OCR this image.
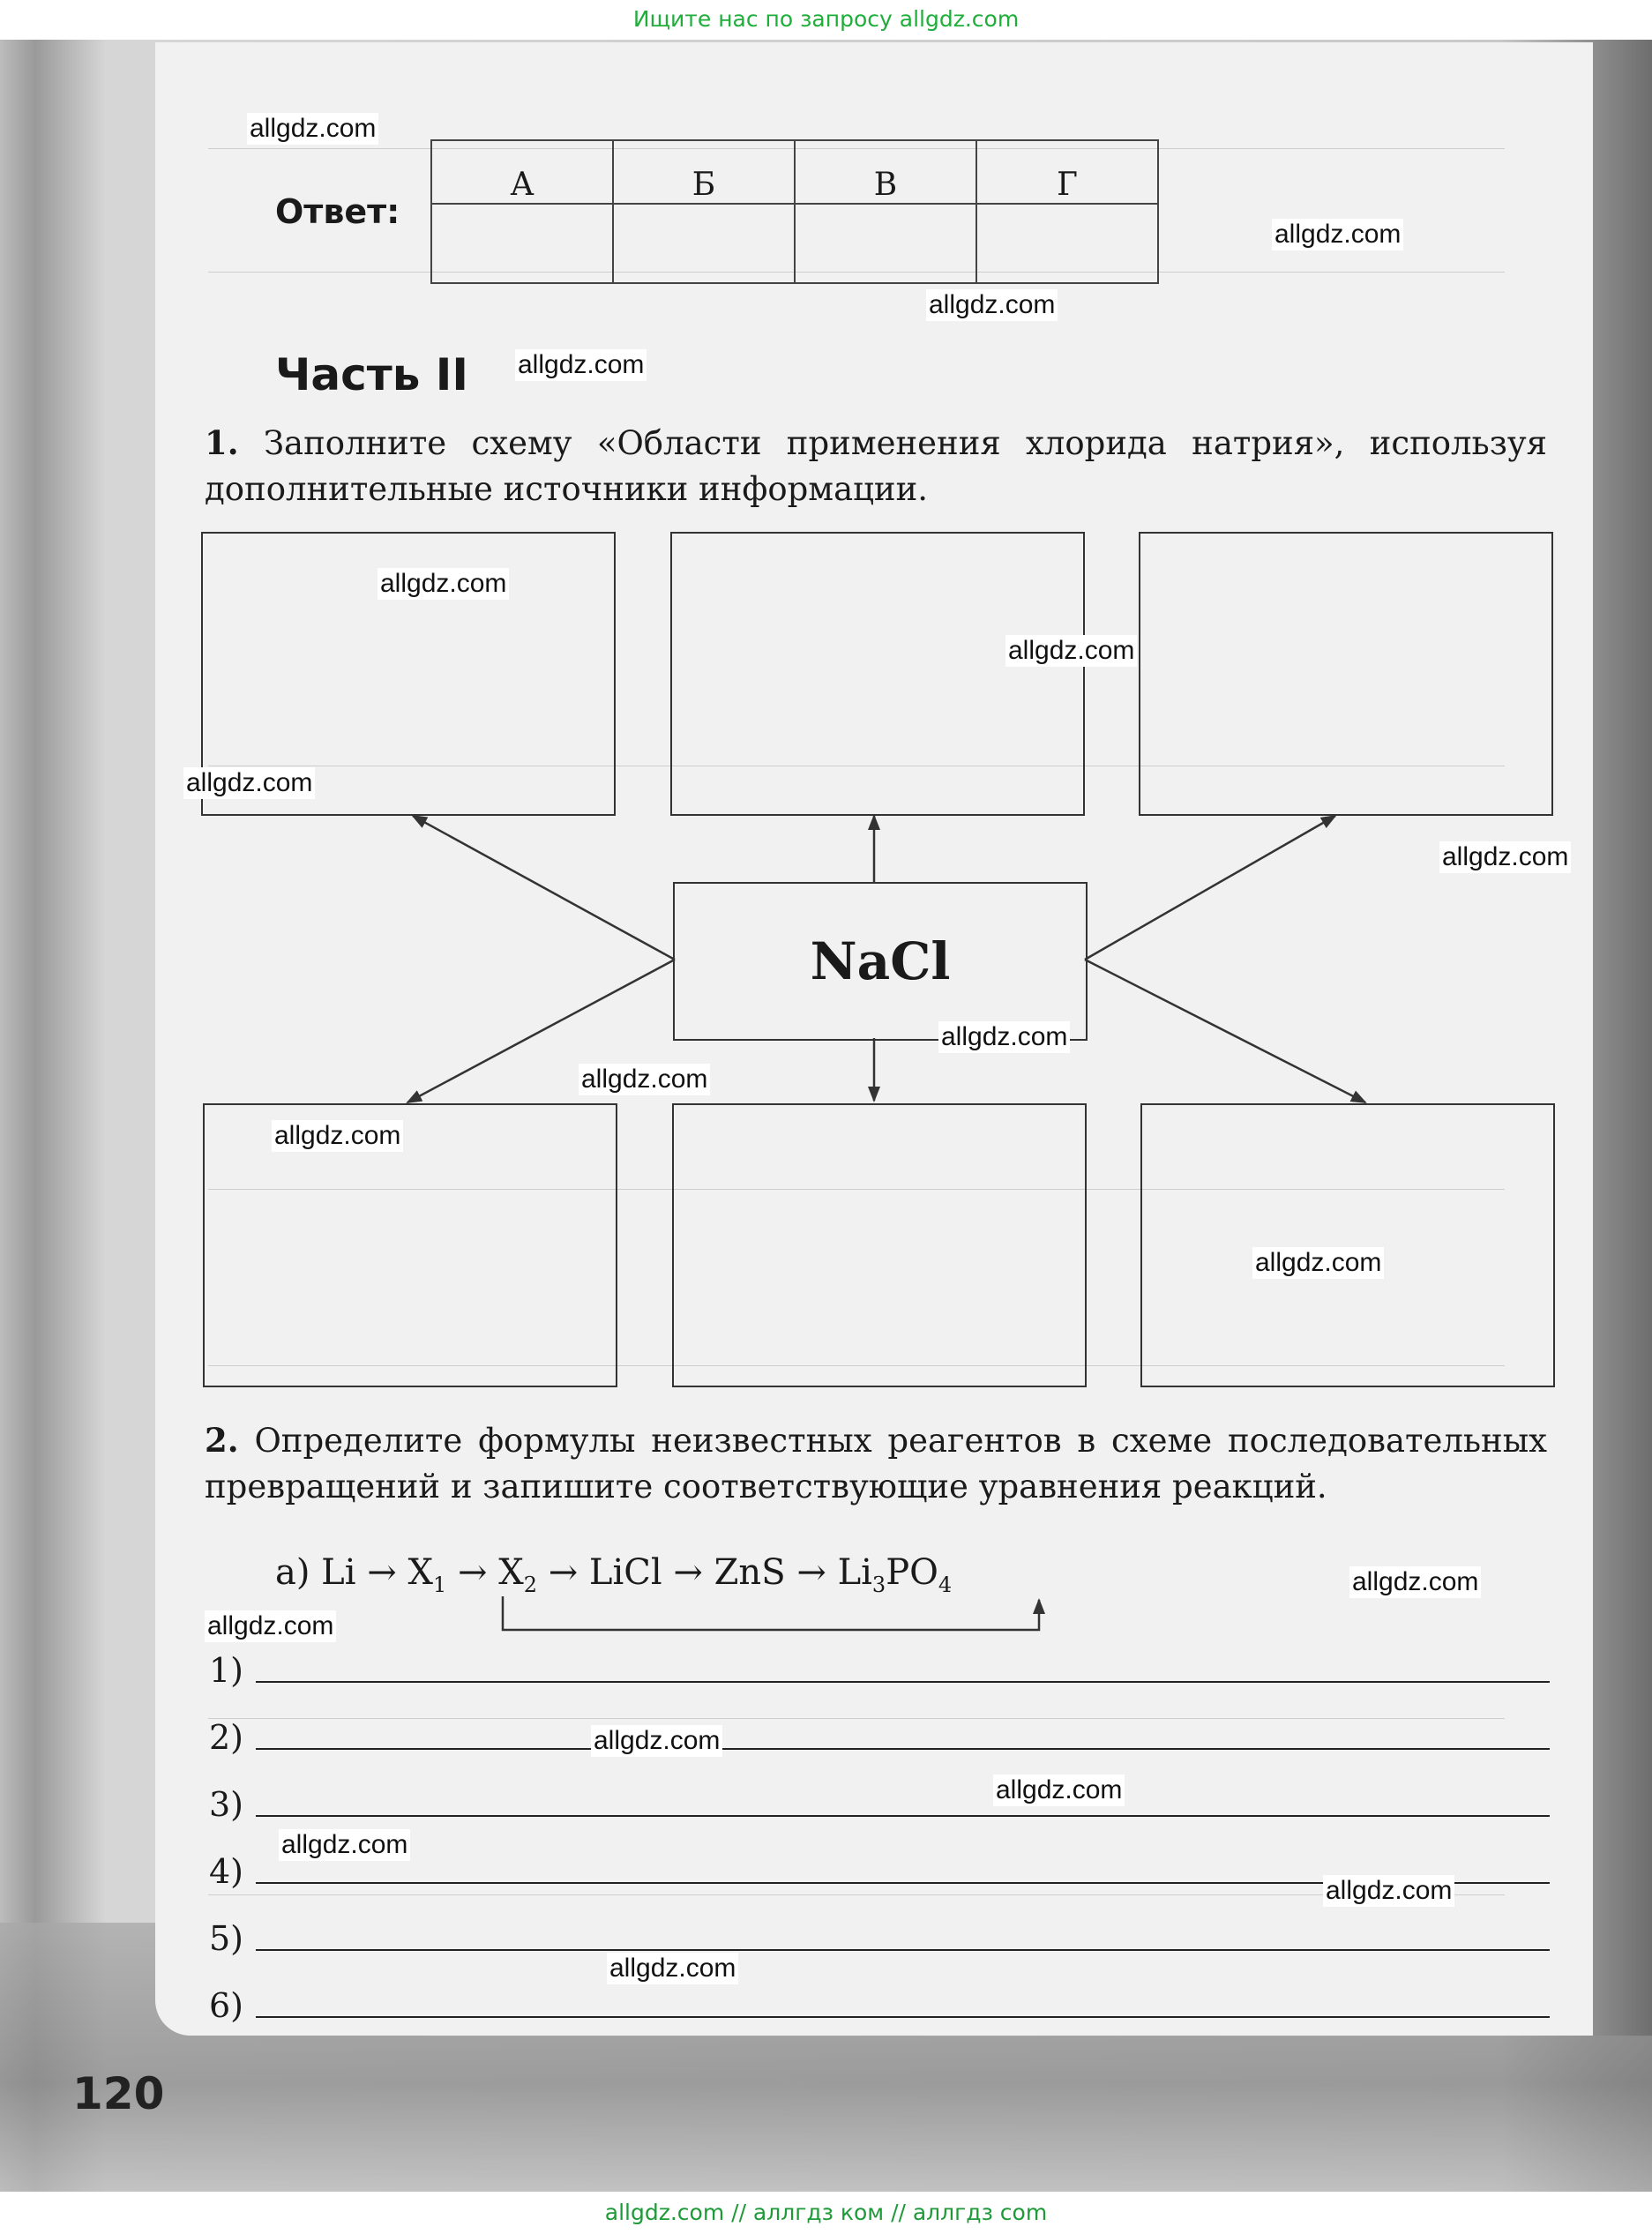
Ищите нас по запросу allgdz.com
Ответ:
А	Б	В	Г

Часть II
1. Заполните схему «Области применения хлорида натрия», используя дополнительные источники информации.
NaCl
2. Определите формулы неизвестных реагентов в схеме последовательных превращений и запишите соответствующие уравнения реакций.
а) $Li \to X_1 \to X_2$ → LiCl → ZnS → $Li_3PO_4$
1)
2)
3)
4)
5)
6)
120
allgdz.com
allgdz.com
allgdz.com
allgdz.com
allgdz.com
allgdz.com
allgdz.com
allgdz.com
allgdz.com
allgdz.com
allgdz.com
allgdz.com
allgdz.com
allgdz.com
allgdz.com
allgdz.com
allgdz.com
allgdz.com
allgdz.com
allgdz.com // аллгдз ком // аллгдз com
